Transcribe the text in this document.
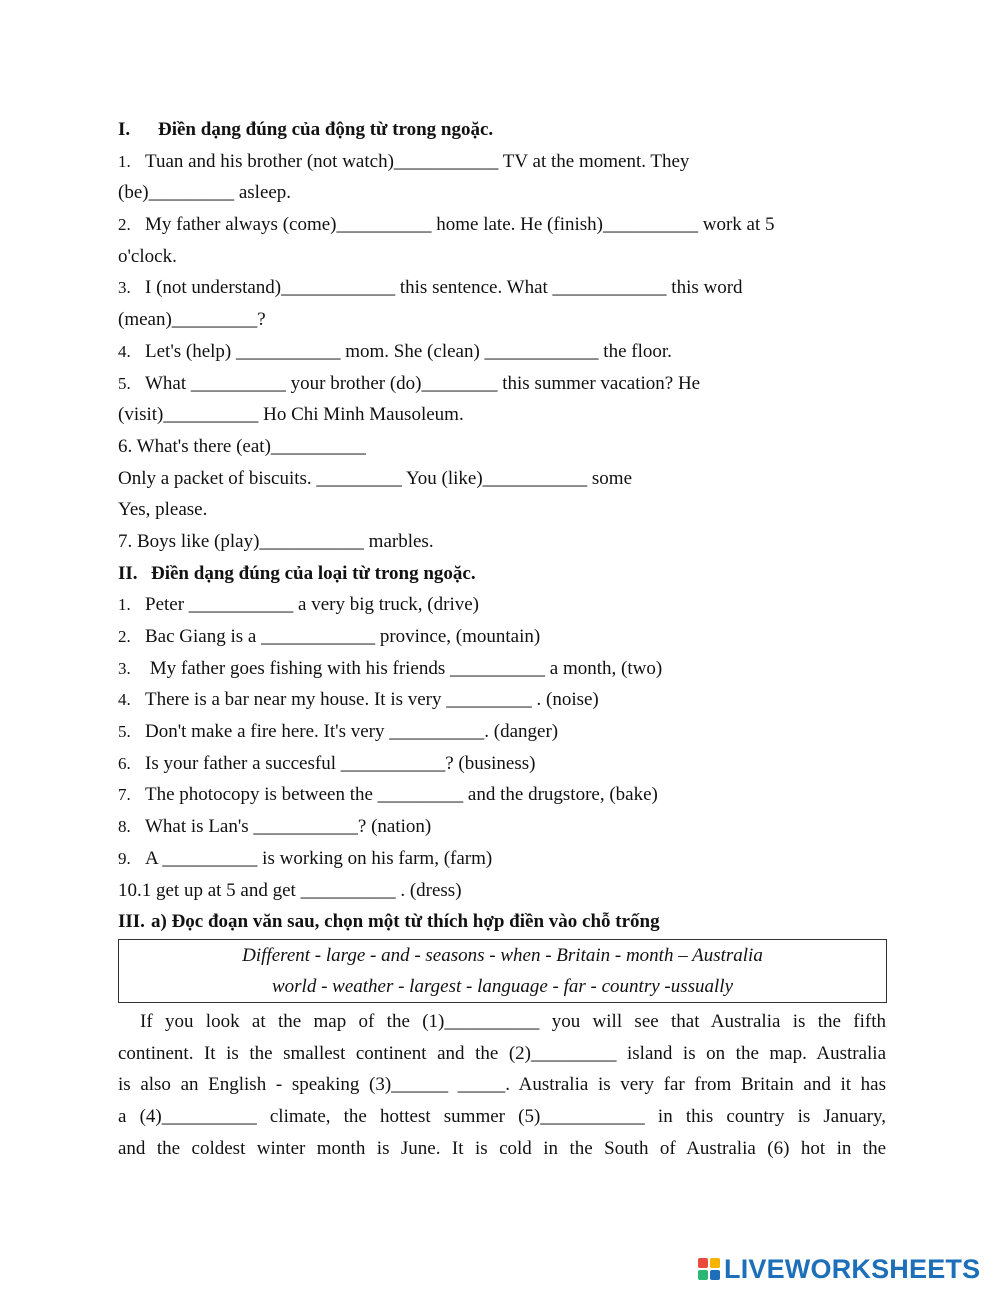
I. Điền dạng đúng của động từ trong ngoặc.
1. Tuan and his brother (not watch)___________ TV at the moment. They
(be)_________ asleep.
2. My father always (come)__________ home late. He (finish)__________ work at 5
o'clock.
3. I (not understand)____________ this sentence. What ____________ this word
(mean)_________?
4. Let's (help) ___________ mom. She (clean) ____________ the floor.
5. What __________ your brother (do)________ this summer vacation? He
(visit)__________ Ho Chi Minh Mausoleum.
6. What's there (eat)__________
Only a packet of biscuits. _________ You (like)___________ some
Yes, please.
7. Boys like (play)___________ marbles.
II. Điền dạng đúng của loại từ trong ngoặc.
1. Peter ___________ a very big truck, (drive)
2. Bac Giang is a ____________ province, (mountain)
3. My father goes fishing with his friends __________ a month, (two)
4. There is a bar near my house. It is very _________ . (noise)
5. Don't make a fire here. It's very __________. (danger)
6. Is your father a succesful ___________? (business)
7. The photocopy is between the _________ and the drugstore, (bake)
8. What is Lan's ___________? (nation)
9. A __________ is working on his farm, (farm)
10.1 get up at 5 and get __________ . (dress)
III. a) Đọc đoạn văn sau, chọn một từ thích hợp điền vào chỗ trống
Different - large - and - seasons - when - Britain - month – Australia
world - weather - largest - language - far - country -ussually
If you look at the map of the (1)__________ you will see that Australia is the fifth
continent. It is the smallest continent and the (2)_________ island is on the map. Australia
is also an English - speaking (3)______ _____. Australia is very far from Britain and it has
a (4)__________ climate, the hottest summer (5)___________ in this country is January,
and the coldest winter month is June. It is cold in the South of Australia (6) hot in the
LIVEWORKSHEETS
